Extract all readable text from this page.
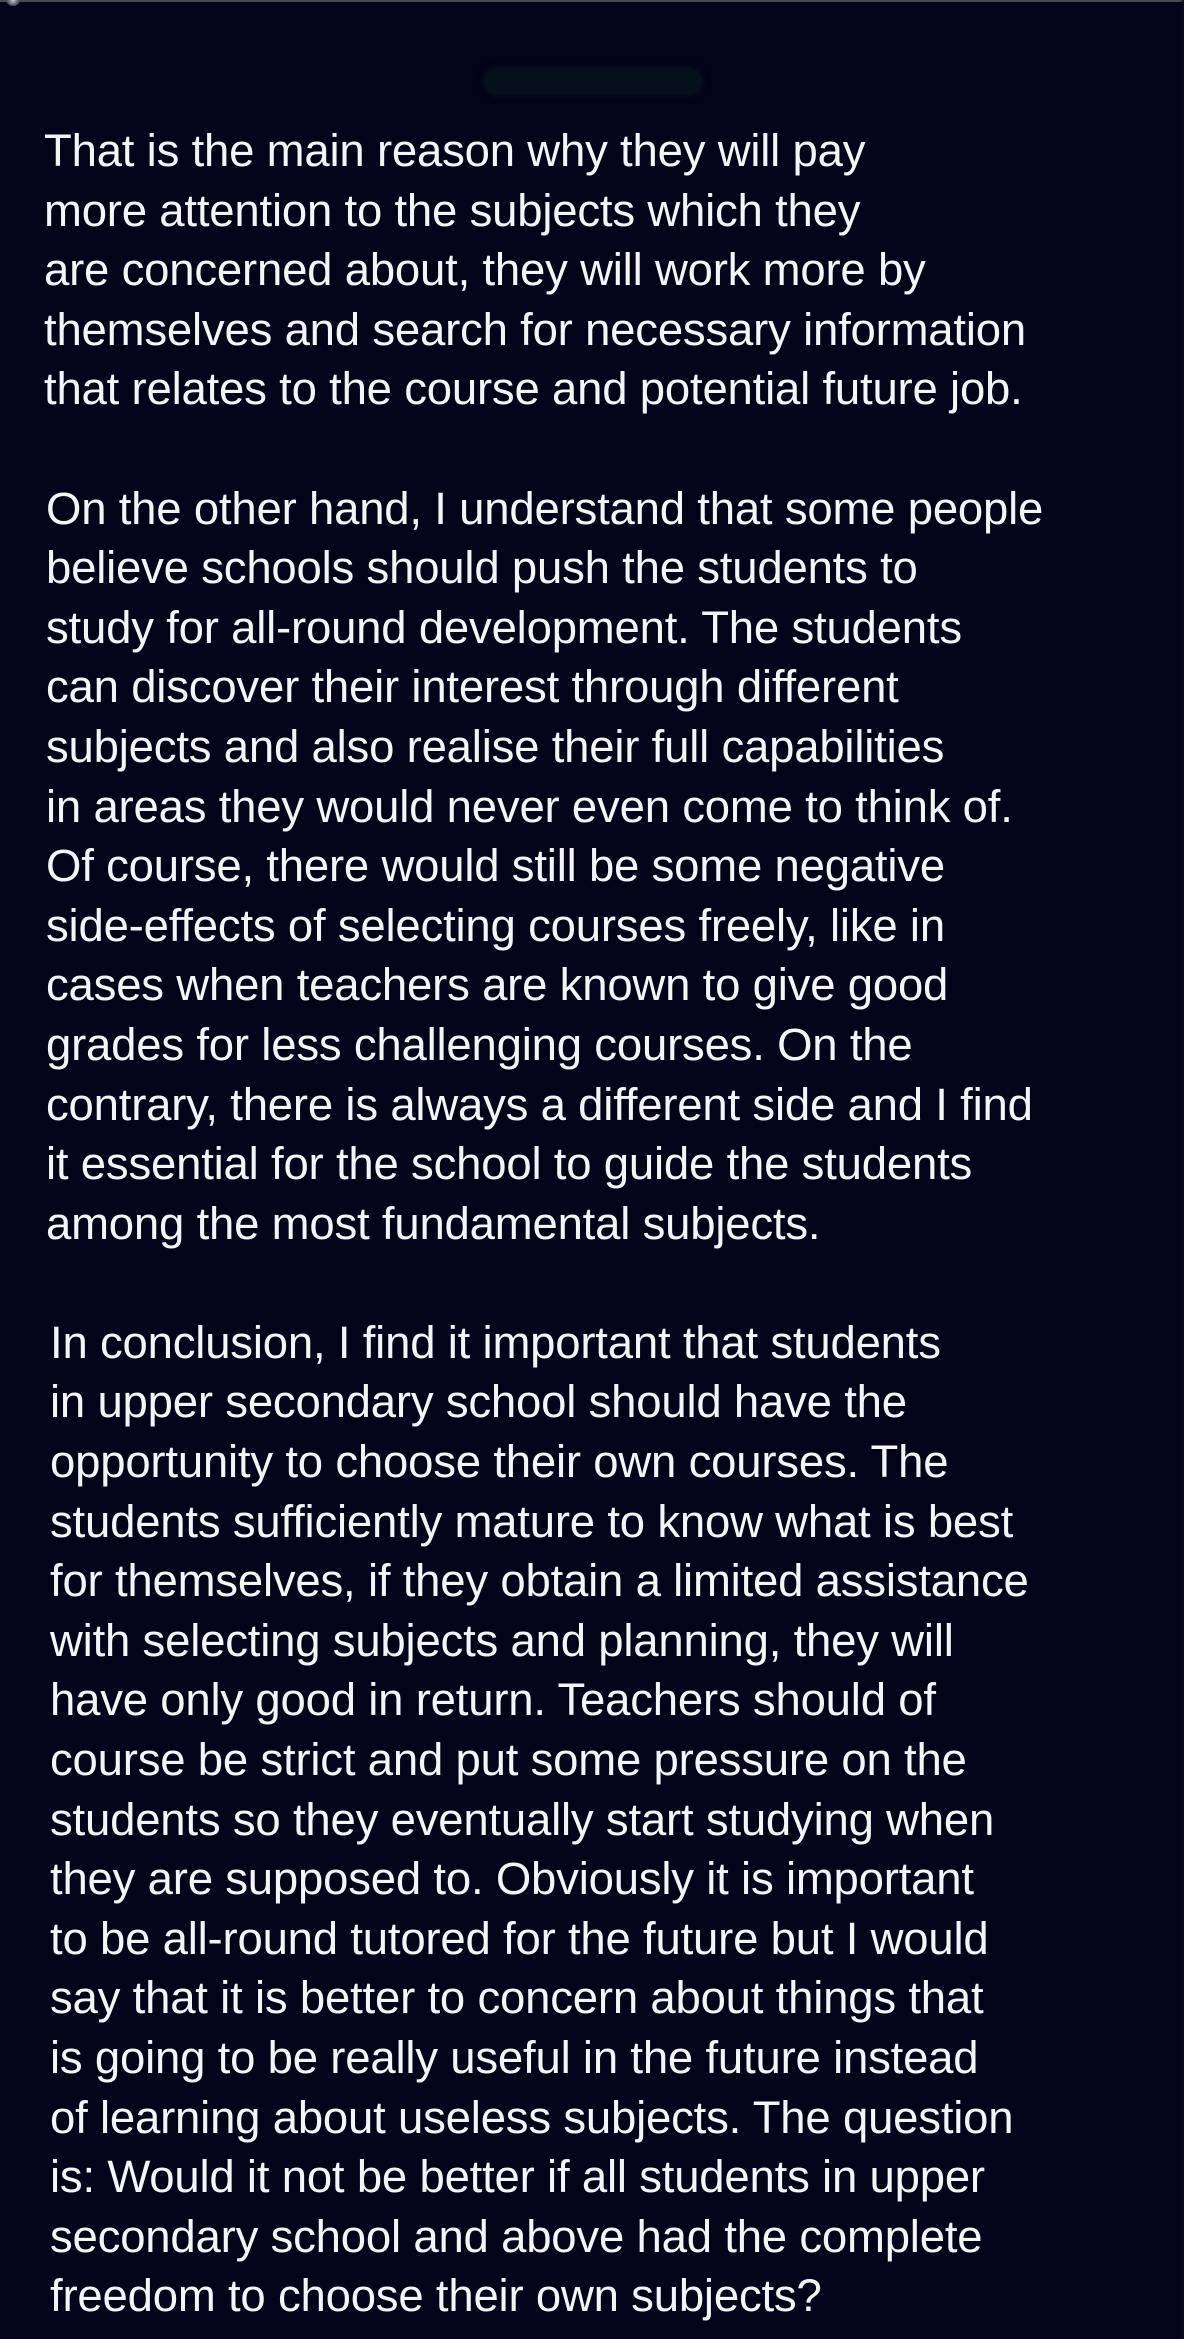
That is the main reason why they will pay
more attention to the subjects which they
are concerned about, they will work more by
themselves and search for necessary information
that relates to the course and potential future job.
On the other hand, I understand that some people
believe schools should push the students to
study for all-round development. The students
can discover their interest through different
subjects and also realise their full capabilities
in areas they would never even come to think of.
Of course, there would still be some negative
side-effects of selecting courses freely, like in
cases when teachers are known to give good
grades for less challenging courses. On the
contrary, there is always a different side and I find
it essential for the school to guide the students
among the most fundamental subjects.
In conclusion, I find it important that students
in upper secondary school should have the
opportunity to choose their own courses. The
students sufficiently mature to know what is best
for themselves, if they obtain a limited assistance
with selecting subjects and planning, they will
have only good in return. Teachers should of
course be strict and put some pressure on the
students so they eventually start studying when
they are supposed to. Obviously it is important
to be all-round tutored for the future but I would
say that it is better to concern about things that
is going to be really useful in the future instead
of learning about useless subjects. The question
is: Would it not be better if all students in upper
secondary school and above had the complete
freedom to choose their own subjects?
